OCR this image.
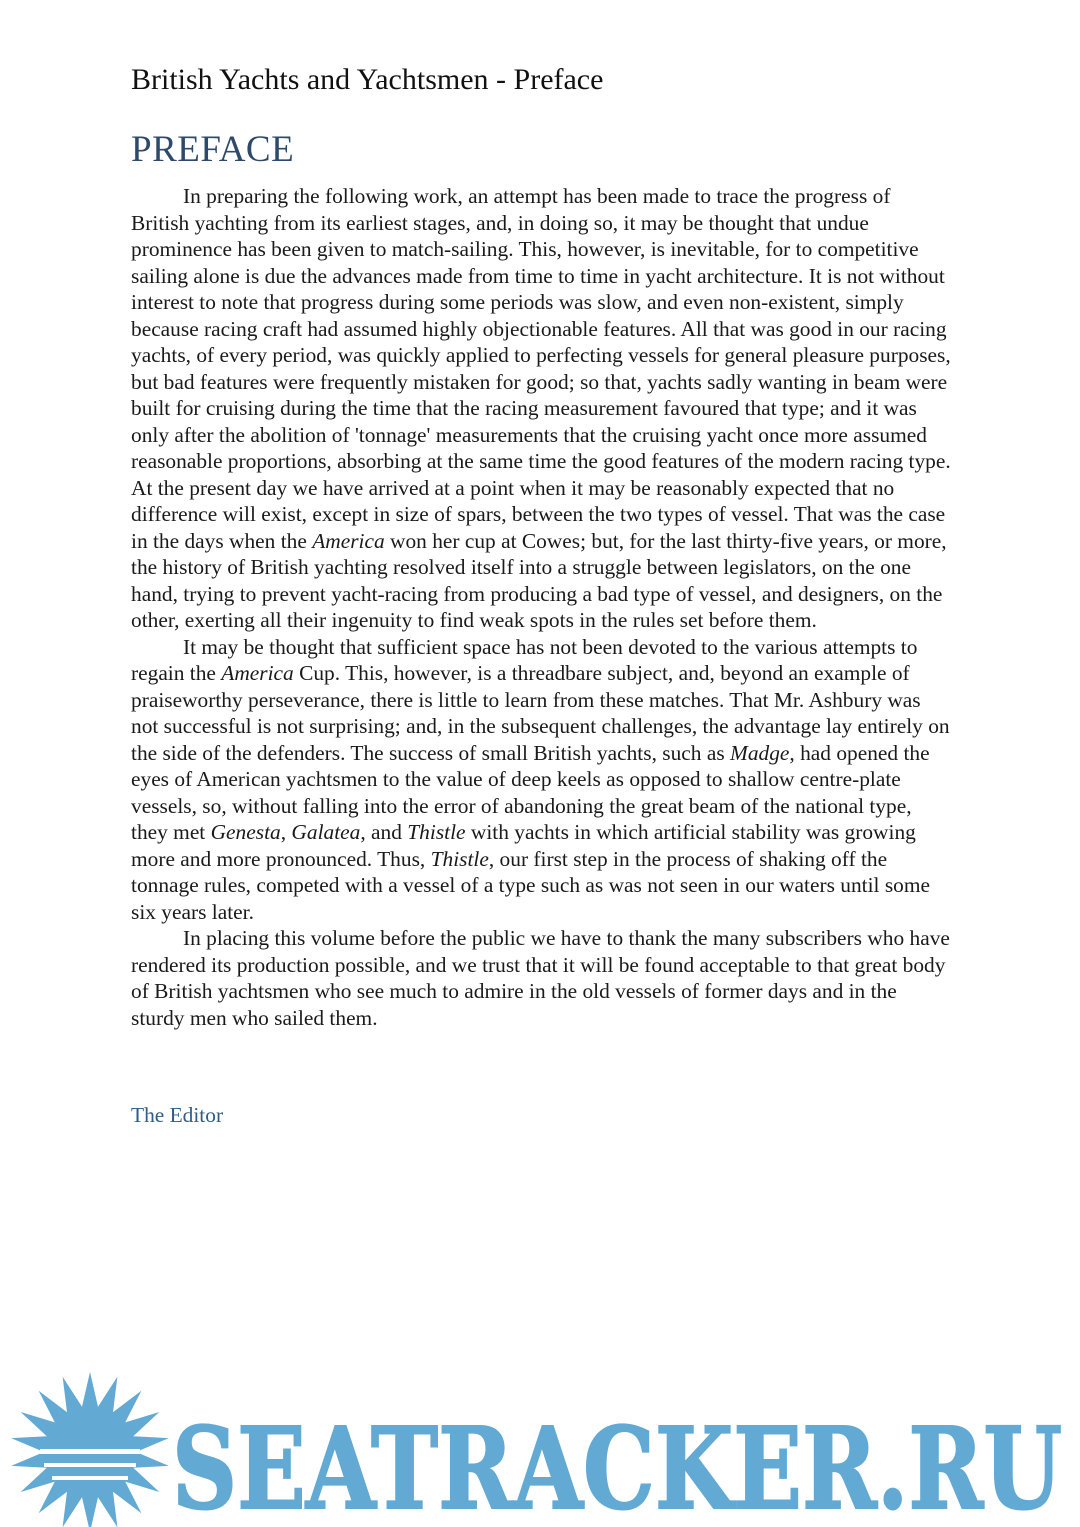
British Yachts and Yachtsmen - Preface
PREFACE

In preparing the following work, an attempt has been made to trace the progress of British yachting from its earliest stages, and, in doing so, it may be thought that undue prominence has been given to match-sailing. This, however, is inevitable, for to competitive sailing alone is due the advances made from time to time in yacht architecture. It is not without interest to note that progress during some periods was slow, and even non-existent, simply because racing craft had assumed highly objectionable features. All that was good in our racing yachts, of every period, was quickly applied to perfecting vessels for general pleasure purposes, but bad features were frequently mistaken for good; so that, yachts sadly wanting in beam were built for cruising during the time that the racing measurement favoured that type; and it was only after the abolition of 'tonnage' measurements that the cruising yacht once more assumed reasonable proportions, absorbing at the same time the good features of the modern racing type. At the present day we have arrived at a point when it may be reasonably expected that no difference will exist, except in size of spars, between the two types of vessel. That was the case in the days when the America won her cup at Cowes; but, for the last thirty-five years, or more, the history of British yachting resolved itself into a struggle between legislators, on the one hand, trying to prevent yacht-racing from producing a bad type of vessel, and designers, on the other, exerting all their ingenuity to find weak spots in the rules set before them.

It may be thought that sufficient space has not been devoted to the various attempts to regain the America Cup. This, however, is a threadbare subject, and, beyond an example of praiseworthy perseverance, there is little to learn from these matches. That Mr. Ashbury was not successful is not surprising; and, in the subsequent challenges, the advantage lay entirely on the side of the defenders. The success of small British yachts, such as Madge, had opened the eyes of American yachtsmen to the value of deep keels as opposed to shallow centre-plate vessels, so, without falling into the error of abandoning the great beam of the national type, they met Genesta, Galatea, and Thistle with yachts in which artificial stability was growing more and more pronounced. Thus, Thistle, our first step in the process of shaking off the tonnage rules, competed with a vessel of a type such as was not seen in our waters until some six years later.

In placing this volume before the public we have to thank the many subscribers who have rendered its production possible, and we trust that it will be found acceptable to that great body of British yachtsmen who see much to admire in the old vessels of former days and in the sturdy men who sailed them.

The Editor
SEATRACKER.RU
